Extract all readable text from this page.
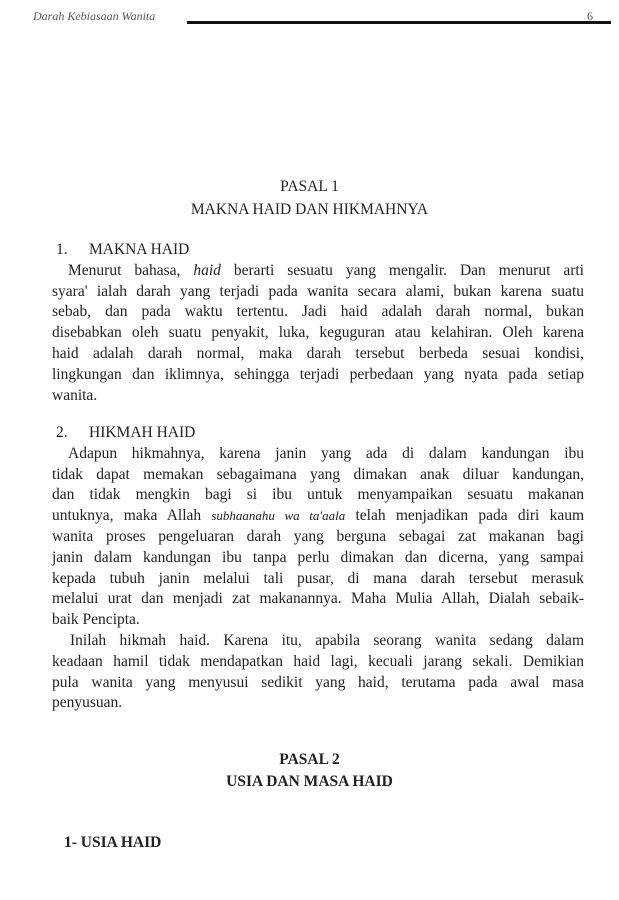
Darah Kebiasaan Wanita	6
PASAL 1
MAKNA HAID DAN HIKMAHNYA
1. MAKNA HAID
Menurut bahasa, haid berarti sesuatu yang mengalir. Dan menurut arti
syara' ialah darah yang terjadi pada wanita secara alami, bukan karena suatu
sebab, dan pada waktu tertentu. Jadi haid adalah darah normal, bukan
disebabkan oleh suatu penyakit, luka, keguguran atau kelahiran. Oleh karena
haid adalah darah normal, maka darah tersebut berbeda sesuai kondisi,
lingkungan dan iklimnya, sehingga terjadi perbedaan yang nyata pada setiap
wanita.
2. HIKMAH HAID
Adapun hikmahnya, karena janin yang ada di dalam kandungan ibu
tidak dapat memakan sebagaimana yang dimakan anak diluar kandungan,
dan tidak mengkin bagi si ibu untuk menyampaikan sesuatu makanan
untuknya, maka Allah subhaanahu wa ta'aala telah menjadikan pada diri kaum
wanita proses pengeluaran darah yang berguna sebagai zat makanan bagi
janin dalam kandungan ibu tanpa perlu dimakan dan dicerna, yang sampai
kepada tubuh janin melalui tali pusar, di mana darah tersebut merasuk
melalui urat dan menjadi zat makanannya. Maha Mulia Allah, Dialah sebaik-
baik Pencipta.
Inilah hikmah haid. Karena itu, apabila seorang wanita sedang dalam
keadaan hamil tidak mendapatkan haid lagi, kecuali jarang sekali. Demikian
pula wanita yang menyusui sedikit yang haid, terutama pada awal masa
penyusuan.
PASAL 2
USIA DAN MASA HAID
1- USIA HAID
